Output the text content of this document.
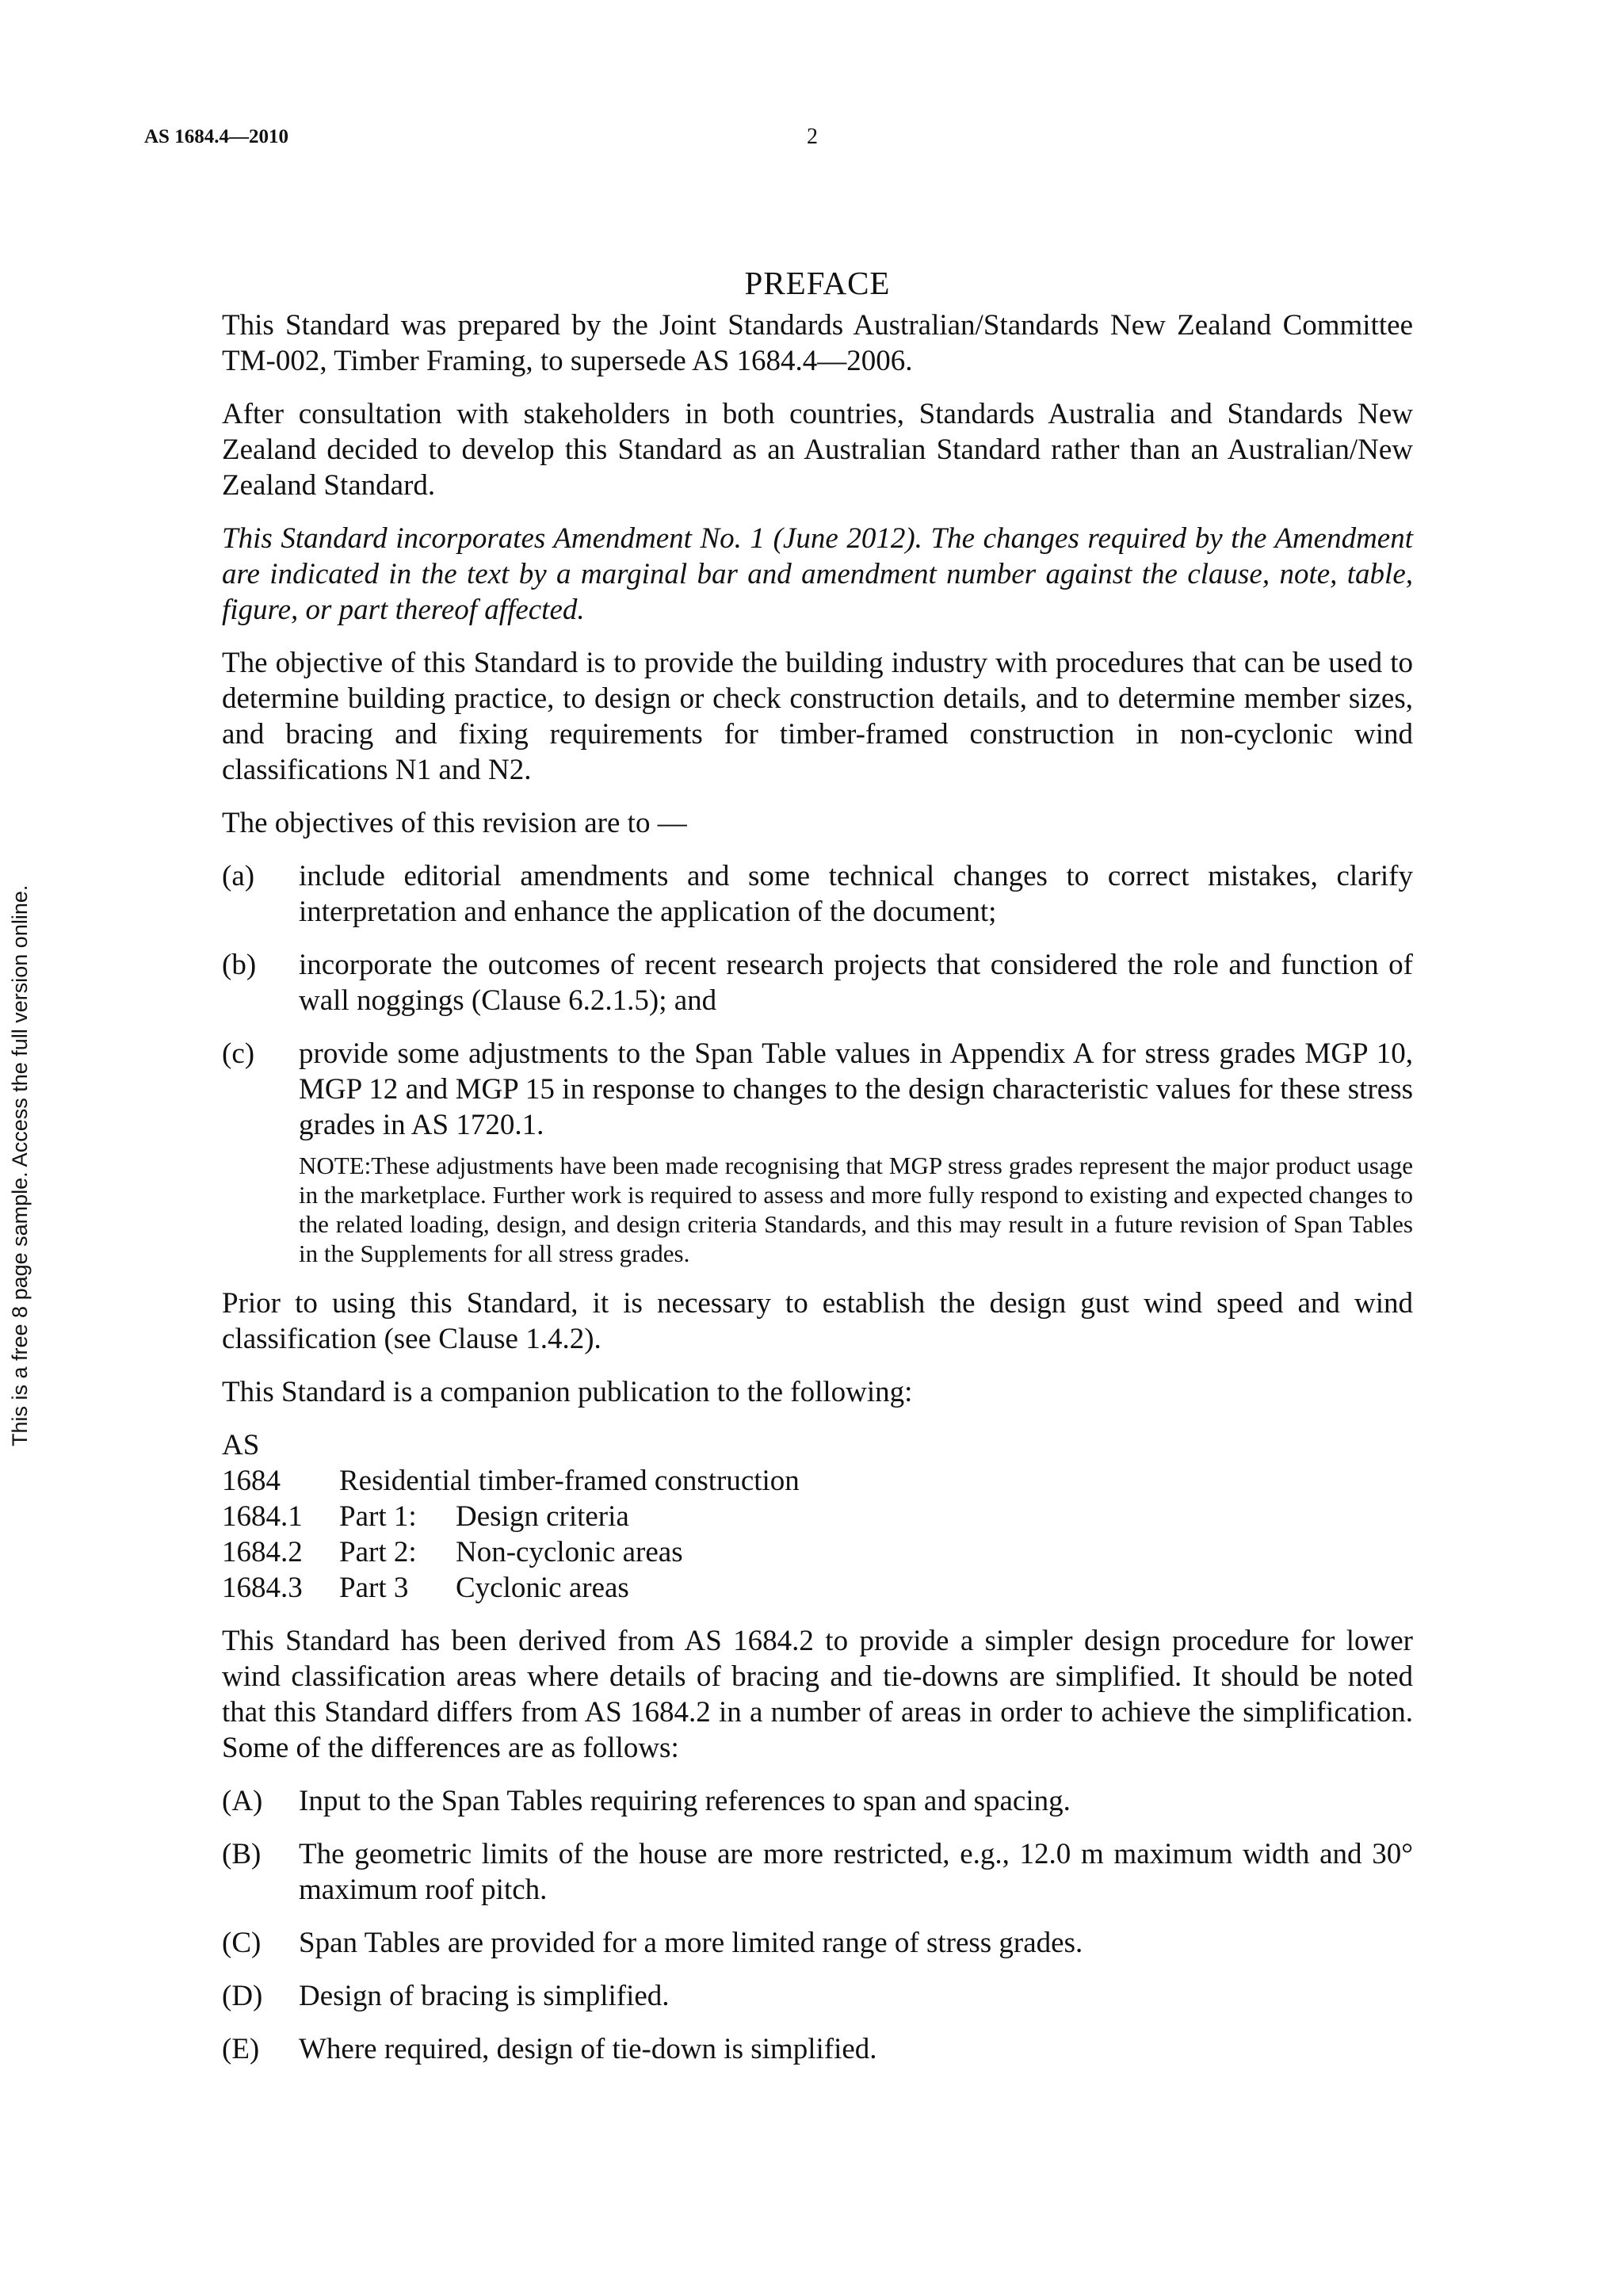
AS 1684.4—2010	2
This is a free 8 page sample. Access the full version online.
PREFACE
This Standard was prepared by the Joint Standards Australian/Standards New Zealand Committee TM-002, Timber Framing, to supersede AS 1684.4—2006.
After consultation with stakeholders in both countries, Standards Australia and Standards New Zealand decided to develop this Standard as an Australian Standard rather than an Australian/New Zealand Standard.
This Standard incorporates Amendment No. 1 (June 2012). The changes required by the Amendment are indicated in the text by a marginal bar and amendment number against the clause, note, table, figure, or part thereof affected.
The objective of this Standard is to provide the building industry with procedures that can be used to determine building practice, to design or check construction details, and to determine member sizes, and bracing and fixing requirements for timber-framed construction in non-cyclonic wind classifications N1 and N2.
The objectives of this revision are to —
(a)	include editorial amendments and some technical changes to correct mistakes, clarify interpretation and enhance the application of the document;
(b)	incorporate the outcomes of recent research projects that considered the role and function of wall noggings (Clause 6.2.1.5); and
(c)	provide some adjustments to the Span Table values in Appendix A for stress grades MGP 10, MGP 12 and MGP 15 in response to changes to the design characteristic values for these stress grades in AS 1720.1.
NOTE:These adjustments have been made recognising that MGP stress grades represent the major product usage in the marketplace. Further work is required to assess and more fully respond to existing and expected changes to the related loading, design, and design criteria Standards, and this may result in a future revision of Span Tables in the Supplements for all stress grades.
Prior to using this Standard, it is necessary to establish the design gust wind speed and wind classification (see Clause 1.4.2).
This Standard is a companion publication to the following:
AS
1684	Residential timber-framed construction
1684.1	Part 1:	Design criteria
1684.2	Part 2:	Non-cyclonic areas
1684.3	Part 3	Cyclonic areas
This Standard has been derived from AS 1684.2 to provide a simpler design procedure for lower wind classification areas where details of bracing and tie-downs are simplified. It should be noted that this Standard differs from AS 1684.2 in a number of areas in order to achieve the simplification. Some of the differences are as follows:
(A)	Input to the Span Tables requiring references to span and spacing.
(B)	The geometric limits of the house are more restricted, e.g., 12.0 m maximum width and 30° maximum roof pitch.
(C)	Span Tables are provided for a more limited range of stress grades.
(D)	Design of bracing is simplified.
(E)	Where required, design of tie-down is simplified.
